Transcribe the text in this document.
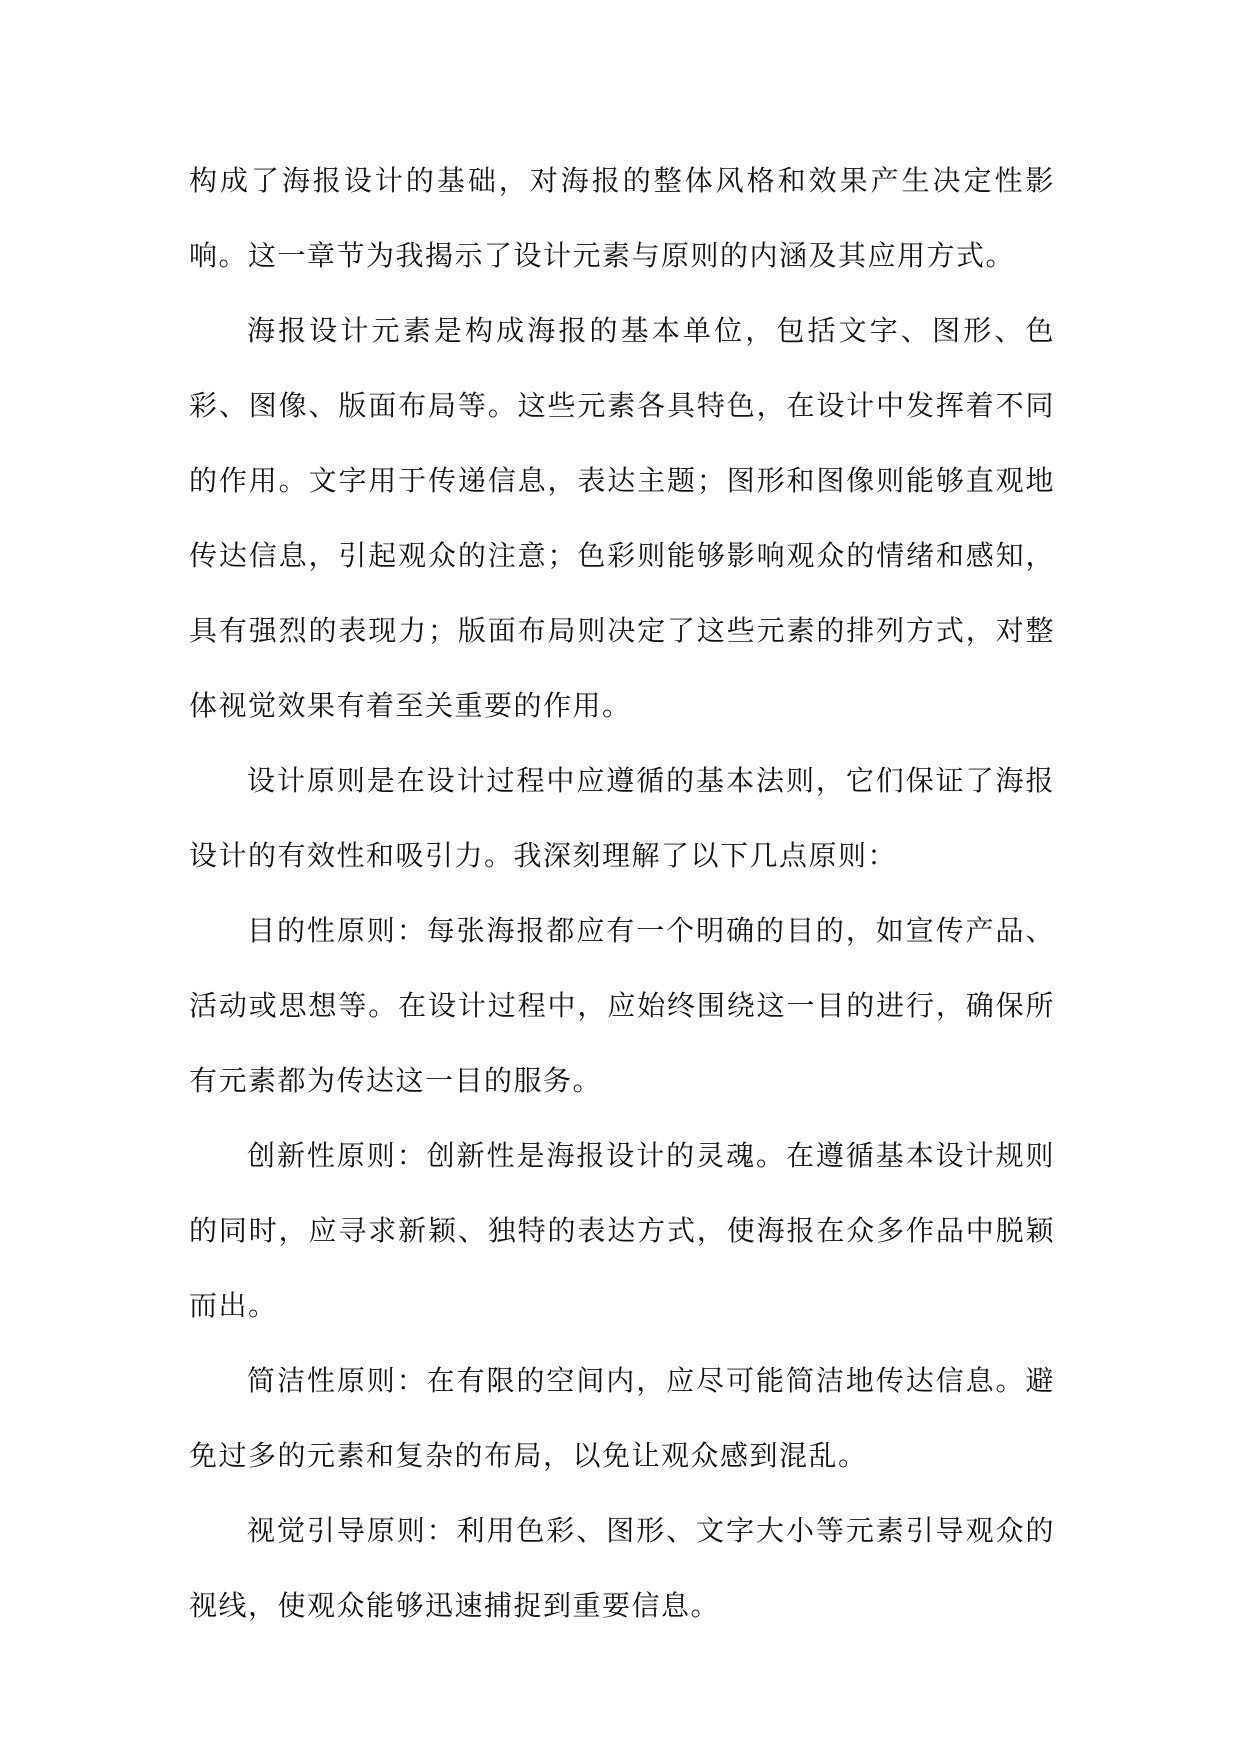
构成了海报设计的基础，对海报的整体风格和效果产生决定性影响。这一章节为我揭示了设计元素与原则的内涵及其应用方式。

海报设计元素是构成海报的基本单位，包括文字、图形、色彩、图像、版面布局等。这些元素各具特色，在设计中发挥着不同的作用。文字用于传递信息，表达主题；图形和图像则能够直观地传达信息，引起观众的注意；色彩则能够影响观众的情绪和感知，具有强烈的表现力；版面布局则决定了这些元素的排列方式，对整体视觉效果有着至关重要的作用。

设计原则是在设计过程中应遵循的基本法则，它们保证了海报设计的有效性和吸引力。我深刻理解了以下几点原则：

目的性原则：每张海报都应有一个明确的目的，如宣传产品、活动或思想等。在设计过程中，应始终围绕这一目的进行，确保所有元素都为传达这一目的服务。

创新性原则：创新性是海报设计的灵魂。在遵循基本设计规则的同时，应寻求新颖、独特的表达方式，使海报在众多作品中脱颖而出。

简洁性原则：在有限的空间内，应尽可能简洁地传达信息。避免过多的元素和复杂的布局，以免让观众感到混乱。

视觉引导原则：利用色彩、图形、文字大小等元素引导观众的视线，使观众能够迅速捕捉到重要信息。
